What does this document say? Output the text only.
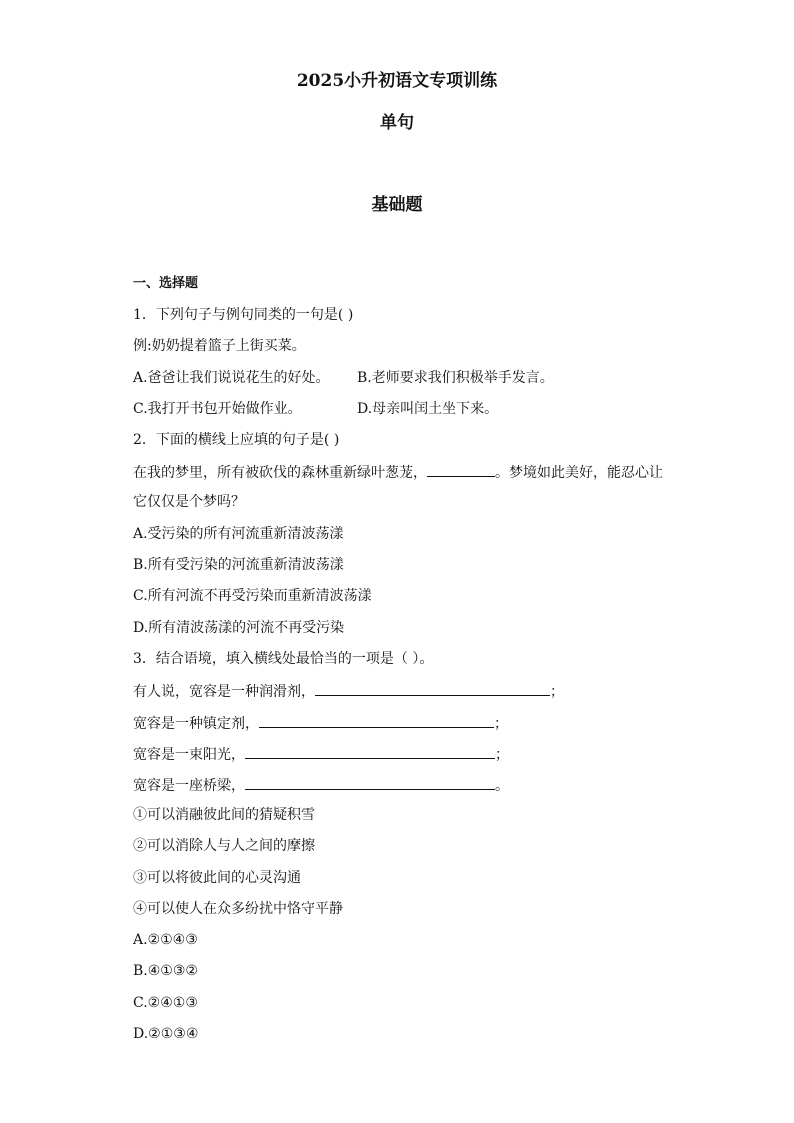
2025小升初语文专项训练
单句
基础题
一、选择题
1．下列句子与例句同类的一句是( )
例:奶奶提着篮子上街买菜。
A.爸爸让我们说说花生的好处。 B.老师要求我们积极举手发言。
C.我打开书包开始做作业。	D.母亲叫闰土坐下来。
2．下面的横线上应填的句子是( )
在我的梦里，所有被砍伐的森林重新绿叶葱茏，	。梦境如此美好，能忍心让
它仅仅是个梦吗？
A.受污染的所有河流重新清波荡漾
B.所有受污染的河流重新清波荡漾
C.所有河流不再受污染而重新清波荡漾
D.所有清波荡漾的河流不再受污染
3．结合语境，填入横线处最恰当的一项是（ ）。
有人说，宽容是一种润滑剂，	；
宽容是一种镇定剂，	；
宽容是一束阳光，	；
宽容是一座桥梁，	。
①可以消融彼此间的猜疑积雪
②可以消除人与人之间的摩擦
③可以将彼此间的心灵沟通
④可以使人在众多纷扰中恪守平静
A.②①④③
B.④①③②
C.②④①③
D.②①③④
